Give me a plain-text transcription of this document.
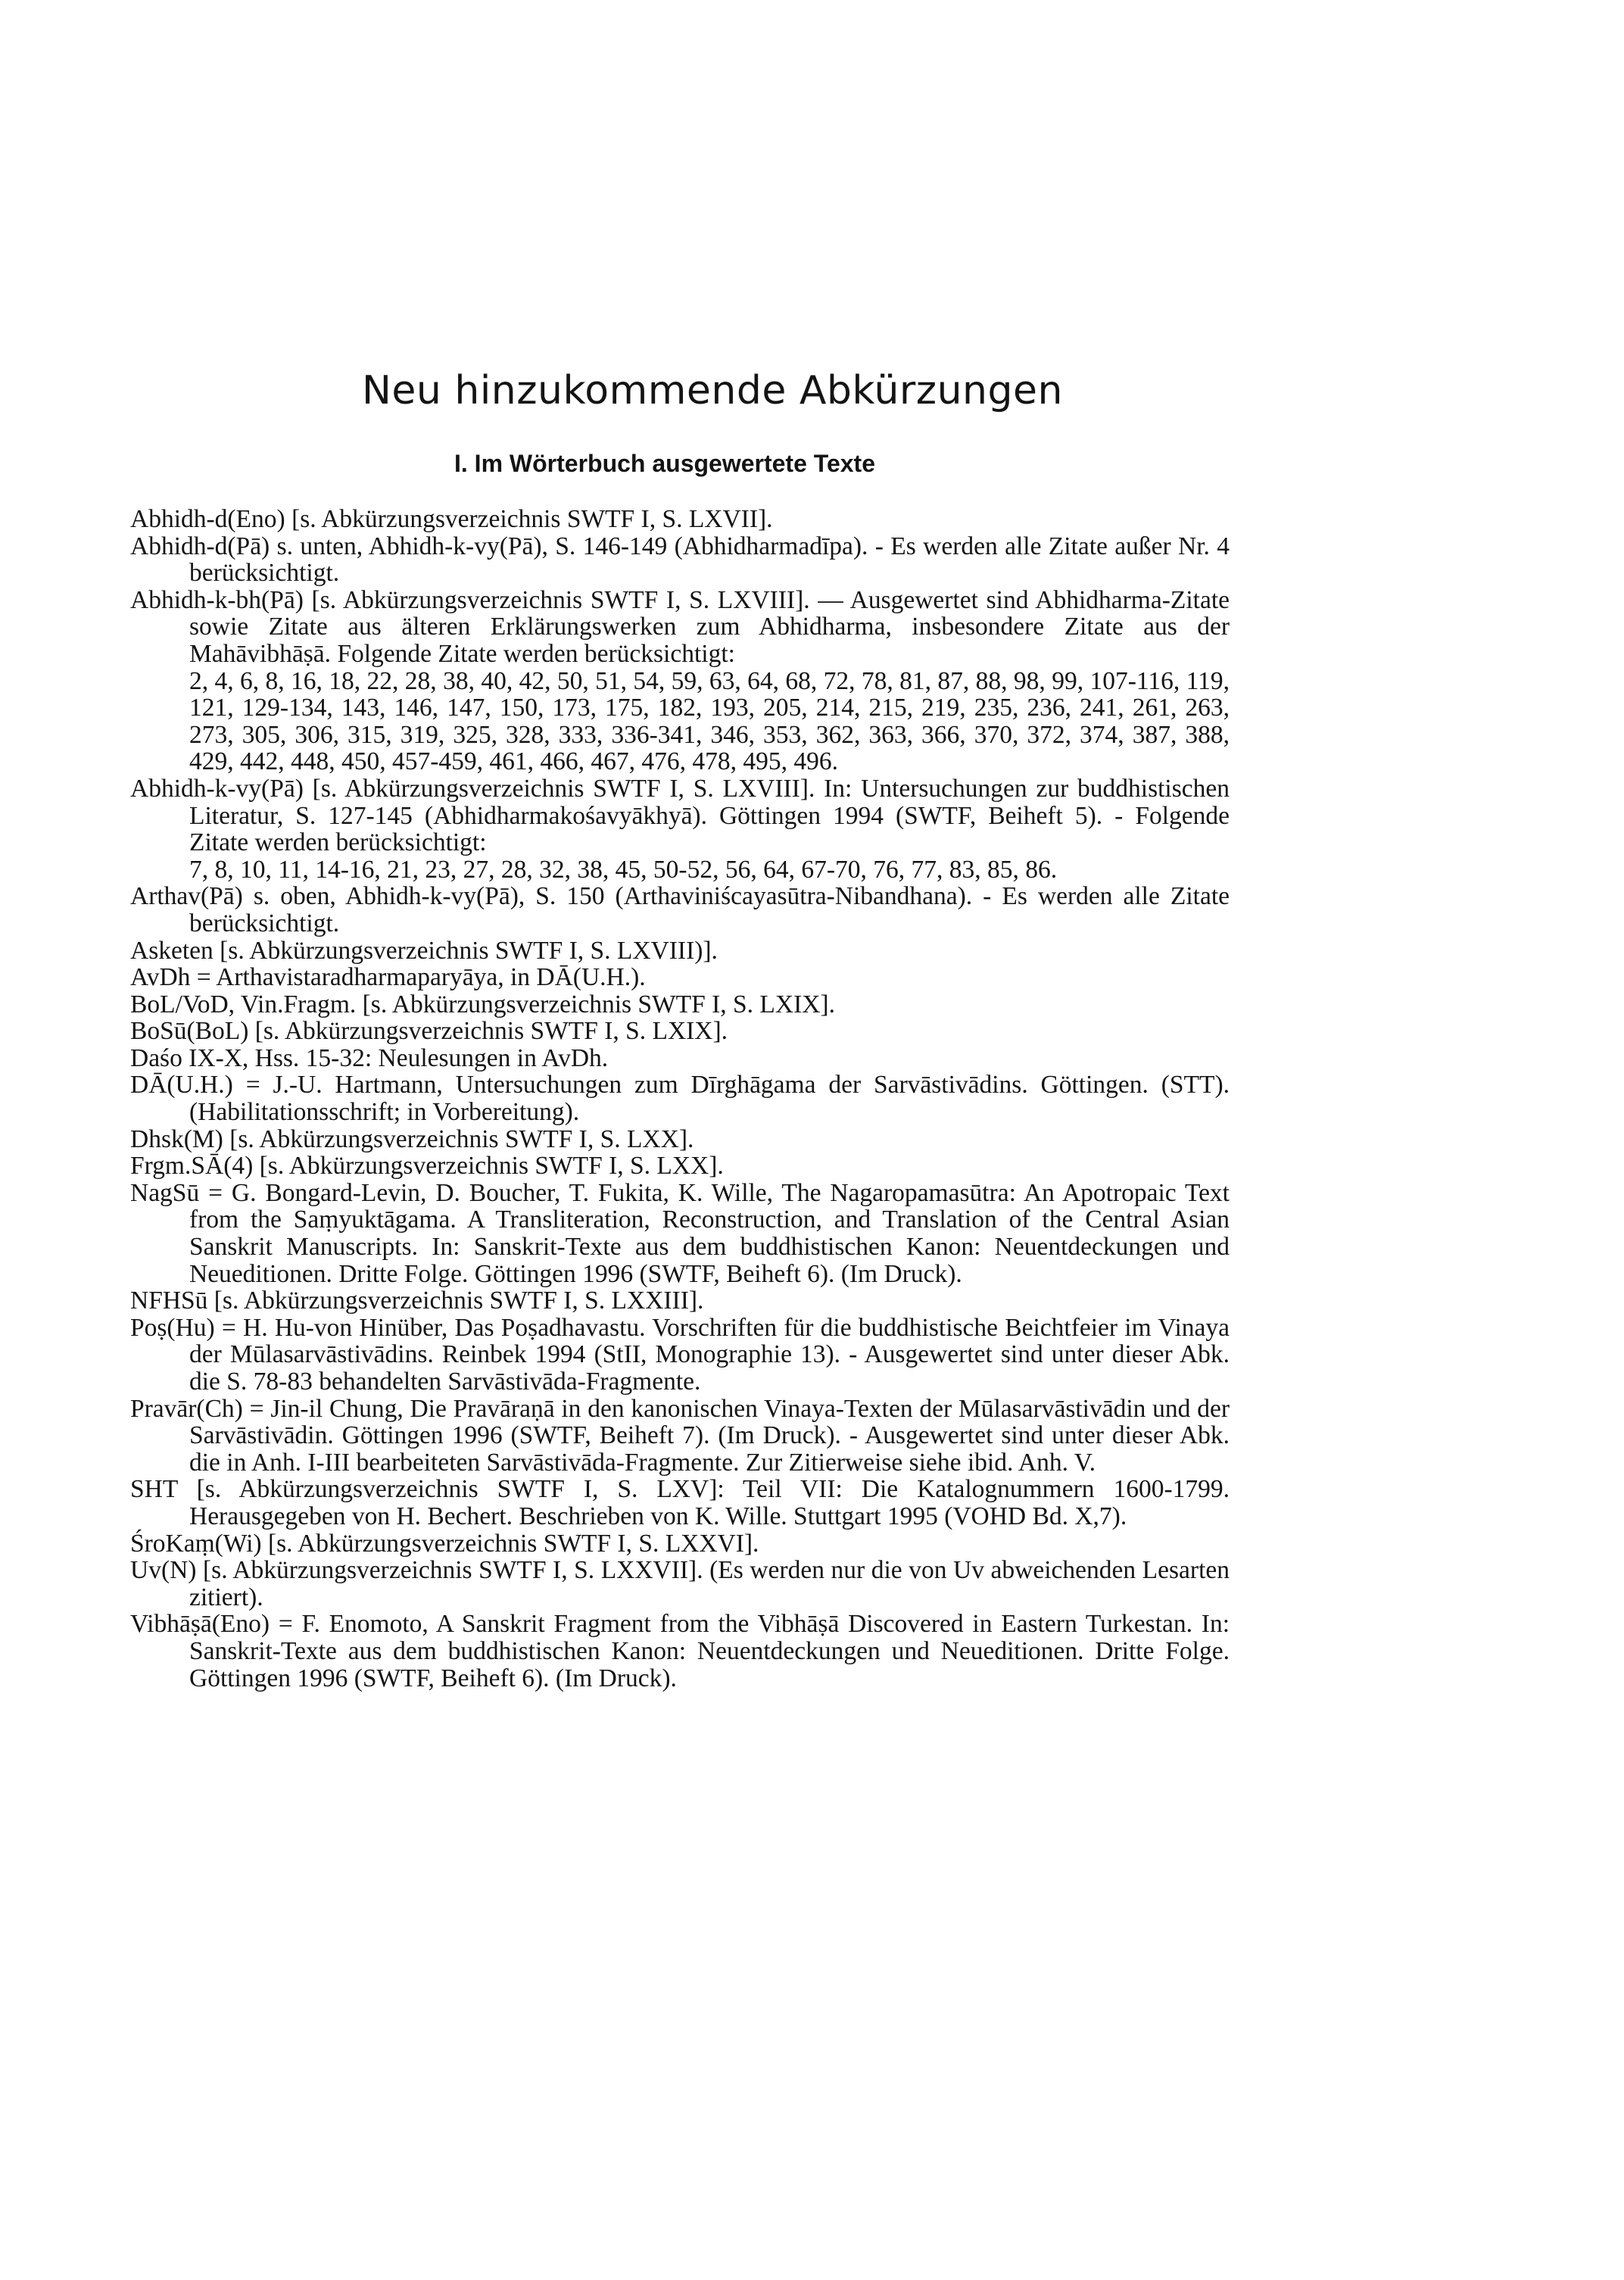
Neu hinzukommende Abkürzungen
I. Im Wörterbuch ausgewertete Texte
Abhidh-d(Eno) [s. Abkürzungsverzeichnis SWTF I, S. LXVII].
Abhidh-d(Pā) s. unten, Abhidh-k-vy(Pā), S. 146-149 (Abhidharmadīpa). - Es werden alle Zitate außer Nr. 4 berücksichtigt.
Abhidh-k-bh(Pā) [s. Abkürzungsverzeichnis SWTF I, S. LXVIII]. — Ausgewertet sind Abhidharma-Zitate sowie Zitate aus älteren Erklärungswerken zum Abhidharma, insbesondere Zitate aus der Mahāvibhāṣā. Folgende Zitate werden berücksichtigt:
2, 4, 6, 8, 16, 18, 22, 28, 38, 40, 42, 50, 51, 54, 59, 63, 64, 68, 72, 78, 81, 87, 88, 98, 99, 107-116, 119, 121, 129-134, 143, 146, 147, 150, 173, 175, 182, 193, 205, 214, 215, 219, 235, 236, 241, 261, 263, 273, 305, 306, 315, 319, 325, 328, 333, 336-341, 346, 353, 362, 363, 366, 370, 372, 374, 387, 388, 429, 442, 448, 450, 457-459, 461, 466, 467, 476, 478, 495, 496.
Abhidh-k-vy(Pā) [s. Abkürzungsverzeichnis SWTF I, S. LXVIII]. In: Untersuchungen zur buddhistischen Literatur, S. 127-145 (Abhidharmakośavyākhyā). Göttingen 1994 (SWTF, Beiheft 5). - Folgende Zitate werden berücksichtigt:
7, 8, 10, 11, 14-16, 21, 23, 27, 28, 32, 38, 45, 50-52, 56, 64, 67-70, 76, 77, 83, 85, 86.
Arthav(Pā) s. oben, Abhidh-k-vy(Pā), S. 150 (Arthaviniścayasūtra-Nibandhana). - Es werden alle Zitate berücksichtigt.
Asketen [s. Abkürzungsverzeichnis SWTF I, S. LXVIII)].
AvDh = Arthavistaradharmaparyāya, in DĀ(U.H.).
BoL/VoD, Vin.Fragm. [s. Abkürzungsverzeichnis SWTF I, S. LXIX].
BoSū(BoL) [s. Abkürzungsverzeichnis SWTF I, S. LXIX].
Daśo IX-X, Hss. 15-32: Neulesungen in AvDh.
DĀ(U.H.) = J.-U. Hartmann, Untersuchungen zum Dīrghāgama der Sarvāstivādins. Göttingen. (STT). (Habilitationsschrift; in Vorbereitung).
Dhsk(M) [s. Abkürzungsverzeichnis SWTF I, S. LXX].
Frgm.SĀ(4) [s. Abkürzungsverzeichnis SWTF I, S. LXX].
NagSū = G. Bongard-Levin, D. Boucher, T. Fukita, K. Wille, The Nagaropamasūtra: An Apotropaic Text from the Saṃyuktāgama. A Transliteration, Reconstruction, and Translation of the Central Asian Sanskrit Manuscripts. In: Sanskrit-Texte aus dem buddhistischen Kanon: Neuentdeckungen und Neueditionen. Dritte Folge. Göttingen 1996 (SWTF, Beiheft 6). (Im Druck).
NFHSū [s. Abkürzungsverzeichnis SWTF I, S. LXXIII].
Poṣ(Hu) = H. Hu-von Hinüber, Das Poṣadhavastu. Vorschriften für die buddhistische Beichtfeier im Vinaya der Mūlasarvāstivādins. Reinbek 1994 (StII, Monographie 13). - Ausgewertet sind unter dieser Abk. die S. 78-83 behandelten Sarvāstivāda-Fragmente.
Pravār(Ch) = Jin-il Chung, Die Pravāraṇā in den kanonischen Vinaya-Texten der Mūlasarvāstivādin und der Sarvāstivādin. Göttingen 1996 (SWTF, Beiheft 7). (Im Druck). - Ausgewertet sind unter dieser Abk. die in Anh. I-III bearbeiteten Sarvāstivāda-Fragmente. Zur Zitierweise siehe ibid. Anh. V.
SHT [s. Abkürzungsverzeichnis SWTF I, S. LXV]: Teil VII: Die Katalognummern 1600-1799. Herausgegeben von H. Bechert. Beschrieben von K. Wille. Stuttgart 1995 (VOHD Bd. X,7).
ŚroKaṃ(Wi) [s. Abkürzungsverzeichnis SWTF I, S. LXXVI].
Uv(N) [s. Abkürzungsverzeichnis SWTF I, S. LXXVII]. (Es werden nur die von Uv abweichenden Lesarten zitiert).
Vibhāṣā(Eno) = F. Enomoto, A Sanskrit Fragment from the Vibhāṣā Discovered in Eastern Turkestan. In: Sanskrit-Texte aus dem buddhistischen Kanon: Neuentdeckungen und Neueditionen. Dritte Folge. Göttingen 1996 (SWTF, Beiheft 6). (Im Druck).
